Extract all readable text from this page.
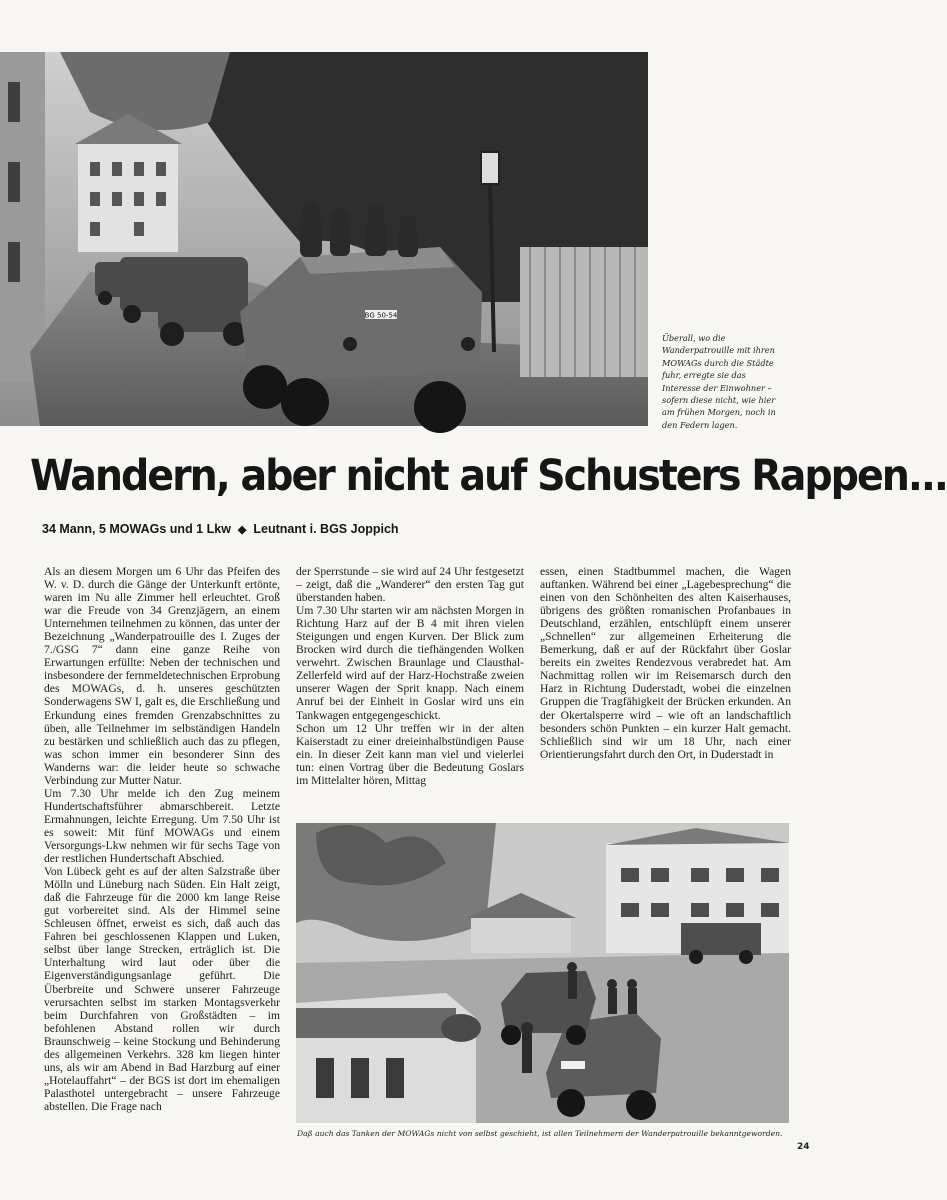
BG 50-54
Überall, wo die Wanderpatrouille mit ihren MOWAGs durch die Städte fuhr, erregte sie das Interesse der Einwohner – sofern diese nicht, wie hier am frühen Morgen, noch in den Federn lagen.
Wandern, aber nicht auf Schusters Rappen...
34 Mann, 5 MOWAGs und 1 Lkw ◆ Leutnant i. BGS Joppich

Als an diesem Morgen um 6 Uhr das Pfeifen des W. v. D. durch die Gänge der Unterkunft ertönte, waren im Nu alle Zimmer hell erleuchtet. Groß war die Freude von 34 Grenzjägern, an einem Unternehmen teilnehmen zu können, das unter der Bezeichnung „Wanderpatrouille des I. Zuges der 7./GSG 7“ dann eine ganze Reihe von Erwartungen erfüllte: Neben der technischen und insbesondere der fernmeldetechnischen Erprobung des MOWAGs, d. h. unseres geschützten Sonderwagens SW I, galt es, die Erschließung und Erkundung eines fremden Grenzabschnittes zu üben, alle Teilnehmer im selbständigen Handeln zu bestärken und schließlich auch das zu pflegen, was schon immer ein besonderer Sinn des Wanderns war: die leider heute so schwache Verbindung zur Mutter Natur.

Um 7.30 Uhr melde ich den Zug meinem Hundertschaftsführer abmarschbereit. Letzte Ermahnungen, leichte Erregung. Um 7.50 Uhr ist es soweit: Mit fünf MOWAGs und einem Versorgungs-Lkw nehmen wir für sechs Tage von der restlichen Hundertschaft Abschied.

Von Lübeck geht es auf der alten Salzstraße über Mölln und Lüneburg nach Süden. Ein Halt zeigt, daß die Fahrzeuge für die 2000 km lange Reise gut vorbereitet sind. Als der Himmel seine Schleusen öffnet, erweist es sich, daß auch das Fahren bei geschlossenen Klappen und Luken, selbst über lange Strecken, erträglich ist. Die Unterhaltung wird laut oder über die Eigenverständigungsanlage geführt. Die Überbreite und Schwere unserer Fahrzeuge verursachten selbst im starken Montagsverkehr beim Durchfahren von Großstädten – im befohlenen Abstand rollen wir durch Braunschweig – keine Stockung und Behinderung des allgemeinen Verkehrs. 328 km liegen hinter uns, als wir am Abend in Bad Harzburg auf einer „Hotelauffahrt“ – der BGS ist dort im ehemaligen Palasthotel untergebracht – unsere Fahrzeuge abstellen. Die Frage nach

der Sperrstunde – sie wird auf 24 Uhr festgesetzt – zeigt, daß die „Wanderer“ den ersten Tag gut überstanden haben.

Um 7.30 Uhr starten wir am nächsten Morgen in Richtung Harz auf der B 4 mit ihren vielen Steigungen und engen Kurven. Der Blick zum Brocken wird durch die tiefhängenden Wolken verwehrt. Zwischen Braunlage und Clausthal-Zellerfeld wird auf der Harz-Hochstraße zweien unserer Wagen der Sprit knapp. Nach einem Anruf bei der Einheit in Goslar wird uns ein Tankwagen entgegengeschickt.

Schon um 12 Uhr treffen wir in der alten Kaiserstadt zu einer dreieinhalbstündigen Pause ein. In dieser Zeit kann man viel und vielerlei tun: einen Vortrag über die Bedeutung Goslars im Mittelalter hören, Mittag

essen, einen Stadtbummel machen, die Wagen auftanken. Während bei einer „Lagebesprechung“ die einen von den Schönheiten des alten Kaiserhauses, übrigens des größten romanischen Profanbaues in Deutschland, erzählen, entschlüpft einem unserer „Schnellen“ zur allgemeinen Erheiterung die Bemerkung, daß er auf der Rückfahrt über Goslar bereits ein zweites Rendezvous verabredet hat. Am Nachmittag rollen wir im Reisemarsch durch den Harz in Richtung Duderstadt, wobei die einzelnen Gruppen die Tragfähigkeit der Brücken erkunden. An der Okertalsperre wird – wie oft an landschaftlich besonders schön Punkten – ein kurzer Halt gemacht. Schließlich sind wir um 18 Uhr, nach einer Orientierungsfahrt durch den Ort, in Duderstadt in

Daß auch das Tanken der MOWAGs nicht von selbst geschieht, ist allen Teilnehmern der Wanderpatrouille bekanntgeworden.
24
